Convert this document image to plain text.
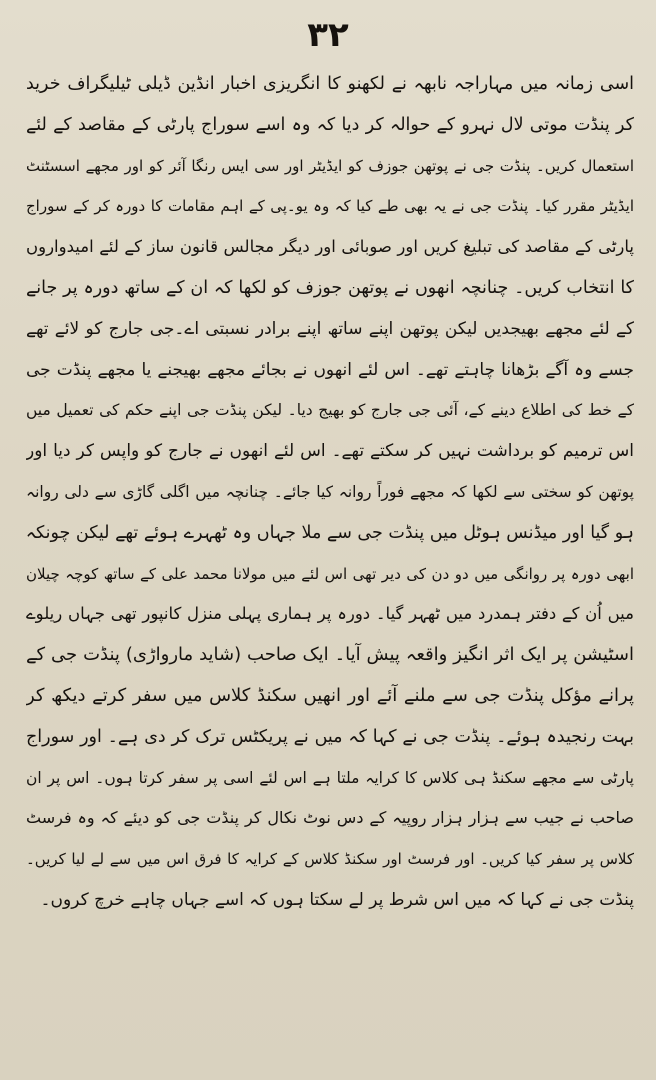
٣٢
اسی زمانہ میں مہاراجہ نابھہ نے لکھنو کا انگریزی اخبار انڈین ڈیلی ٹیلیگراف خرید
کر پنڈت موتی لال نہرو کے حوالہ کر دیا کہ وہ اسے سوراج پارٹی کے مقاصد کے لئے
استعمال کریں۔ پنڈت جی نے پوتھن جوزف کو ایڈیٹر اور سی ایس رنگا آئر کو اور مجھے اسسٹنٹ
ایڈیٹر مقرر کیا۔ پنڈت جی نے یہ بھی طے کیا کہ وہ یو۔پی کے اہم مقامات کا دورہ کر کے سوراج
پارٹی کے مقاصد کی تبلیغ کریں اور صوبائی اور دیگر مجالس قانون ساز کے لئے امیدواروں
کا انتخاب کریں۔ چنانچہ انھوں نے پوتھن جوزف کو لکھا کہ ان کے ساتھ دورہ پر جانے
کے لئے مجھے بھیجدیں لیکن پوتھن اپنے ساتھ اپنے برادر نسبتی اے۔جی جارج کو لائے تھے
جسے وہ آگے بڑھانا چاہتے تھے۔ اس لئے انھوں نے بجائے مجھے بھیجنے یا مجھے پنڈت جی
کے خط کی اطلاع دینے کے، آئی جی جارج کو بھیج دیا۔ لیکن پنڈت جی اپنے حکم کی تعمیل میں
اس ترمیم کو برداشت نہیں کر سکتے تھے۔ اس لئے انھوں نے جارج کو واپس کر دیا اور
پوتھن کو سختی سے لکھا کہ مجھے فوراً روانہ کیا جائے۔ چنانچہ میں اگلی گاڑی سے دلی روانہ
ہو گیا اور میڈنس ہوٹل میں پنڈت جی سے ملا جہاں وہ ٹھہرے ہوئے تھے لیکن چونکہ
ابھی دورہ پر روانگی میں دو دن کی دیر تھی اس لئے میں مولانا محمد علی کے ساتھ کوچہ چیلان
میں اُن کے دفتر ہمدرد میں ٹھہر گیا۔ دورہ پر ہماری پہلی منزل کانپور تھی جہاں ریلوے
اسٹیشن پر ایک اثر انگیز واقعہ پیش آیا۔ ایک صاحب (شاید مارواڑی) پنڈت جی کے
پرانے مؤکل پنڈت جی سے ملنے آئے اور انھیں سکنڈ کلاس میں سفر کرتے دیکھ کر
بہت رنجیدہ ہوئے۔ پنڈت جی نے کہا کہ میں نے پریکٹس ترک کر دی ہے۔ اور سوراج
پارٹی سے مجھے سکنڈ ہی کلاس کا کرایہ ملتا ہے اس لئے اسی پر سفر کرتا ہوں۔ اس پر ان
صاحب نے جیب سے ہزار ہزار روپیہ کے دس نوٹ نکال کر پنڈت جی کو دیئے کہ وہ فرسٹ
کلاس پر سفر کیا کریں۔ اور فرسٹ اور سکنڈ کلاس کے کرایہ کا فرق اس میں سے لے لیا کریں۔
پنڈت جی نے کہا کہ میں اس شرط پر لے سکتا ہوں کہ اسے جہاں چاہے خرچ کروں۔
